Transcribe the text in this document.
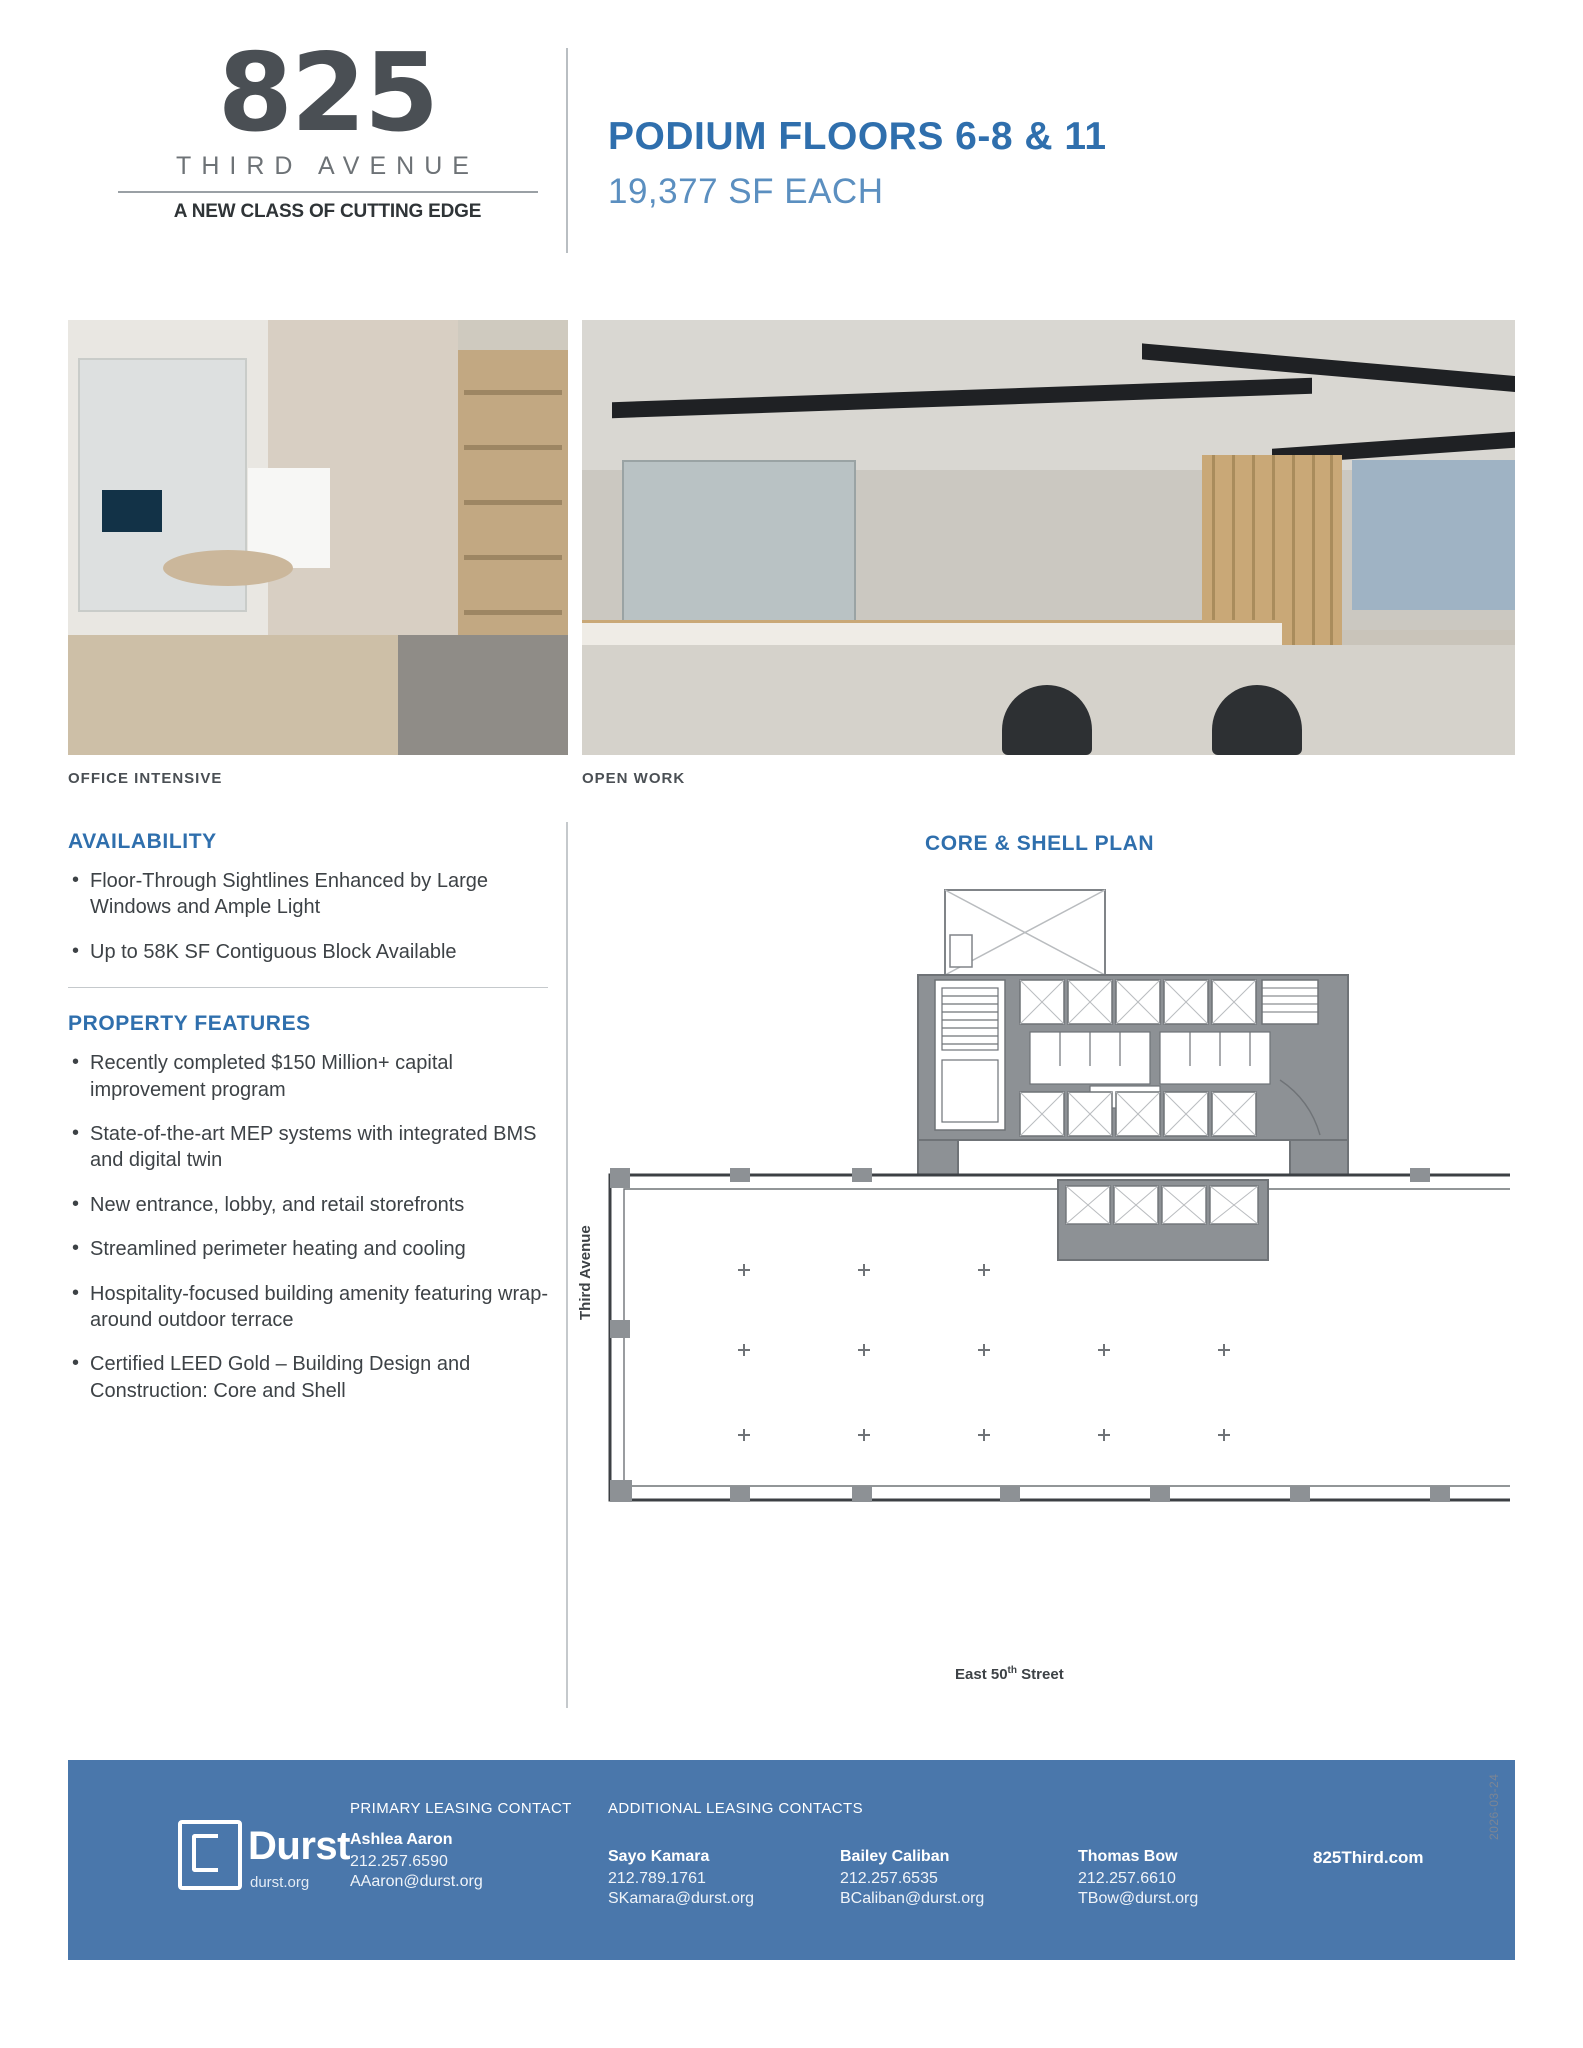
825
THIRD AVENUE
A NEW CLASS OF CUTTING EDGE
PODIUM FLOORS 6-8 & 11
19,377 SF EACH
OFFICE INTENSIVE	OPEN WORK
AVAILABILITY
• Floor-Through Sightlines Enhanced by Large Windows and Ample Light
• Up to 58K SF Contiguous Block Available
PROPERTY FEATURES
• Recently completed $150 Million+ capital improvement program
• State-of-the-art MEP systems with integrated BMS and digital twin
• New entrance, lobby, and retail storefronts
• Streamlined perimeter heating and cooling
• Hospitality-focused building amenity featuring wrap-around outdoor terrace
• Certified LEED Gold – Building Design and Construction: Core and Shell
CORE & SHELL PLAN
Third Avenue
East 50th Street
Durst
durst.org
PRIMARY LEASING CONTACT
Ashlea Aaron
212.257.6590
AAaron@durst.org
ADDITIONAL LEASING CONTACTS
Sayo Kamara
212.789.1761
SKamara@durst.org
Bailey Caliban
212.257.6535
BCaliban@durst.org
Thomas Bow
212.257.6610
TBow@durst.org
825Third.com
2026-03-24
